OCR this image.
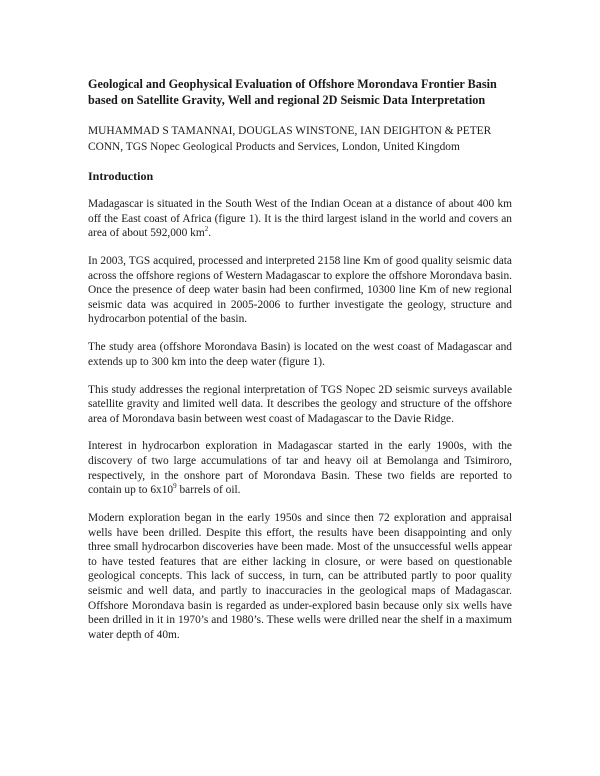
Geological and Geophysical Evaluation of Offshore Morondava Frontier Basin based on Satellite Gravity, Well and regional 2D Seismic Data Interpretation

MUHAMMAD S TAMANNAI, DOUGLAS WINSTONE, IAN DEIGHTON & PETER CONN, TGS Nopec Geological Products and Services, London, United Kingdom

Introduction

Madagascar is situated in the South West of the Indian Ocean at a distance of about 400 km off the East coast of Africa (figure 1). It is the third largest island in the world and covers an area of about 592,000 $km^2$.

In 2003, TGS acquired, processed and interpreted 2158 line Km of good quality seismic data across the offshore regions of Western Madagascar to explore the offshore Morondava basin. Once the presence of deep water basin had been confirmed, 10300 line Km of new regional seismic data was acquired in 2005-2006 to further investigate the geology, structure and hydrocarbon potential of the basin.

The study area (offshore Morondava Basin) is located on the west coast of Madagascar and extends up to 300 km into the deep water (figure 1).

This study addresses the regional interpretation of TGS Nopec 2D seismic surveys available satellite gravity and limited well data. It describes the geology and structure of the offshore area of Morondava basin between west coast of Madagascar to the Davie Ridge.

Interest in hydrocarbon exploration in Madagascar started in the early 1900s, with the discovery of two large accumulations of tar and heavy oil at Bemolanga and Tsimiroro, respectively, in the onshore part of Morondava Basin. These two fields are reported to contain up to $6x10^9$ barrels of oil.

Modern exploration began in the early 1950s and since then 72 exploration and appraisal wells have been drilled. Despite this effort, the results have been disappointing and only three small hydrocarbon discoveries have been made. Most of the unsuccessful wells appear to have tested features that are either lacking in closure, or were based on questionable geological concepts. This lack of success, in turn, can be attributed partly to poor quality seismic and well data, and partly to inaccuracies in the geological maps of Madagascar. Offshore Morondava basin is regarded as under-explored basin because only six wells have been drilled in it in 1970’s and 1980’s. These wells were drilled near the shelf in a maximum water depth of 40m.
